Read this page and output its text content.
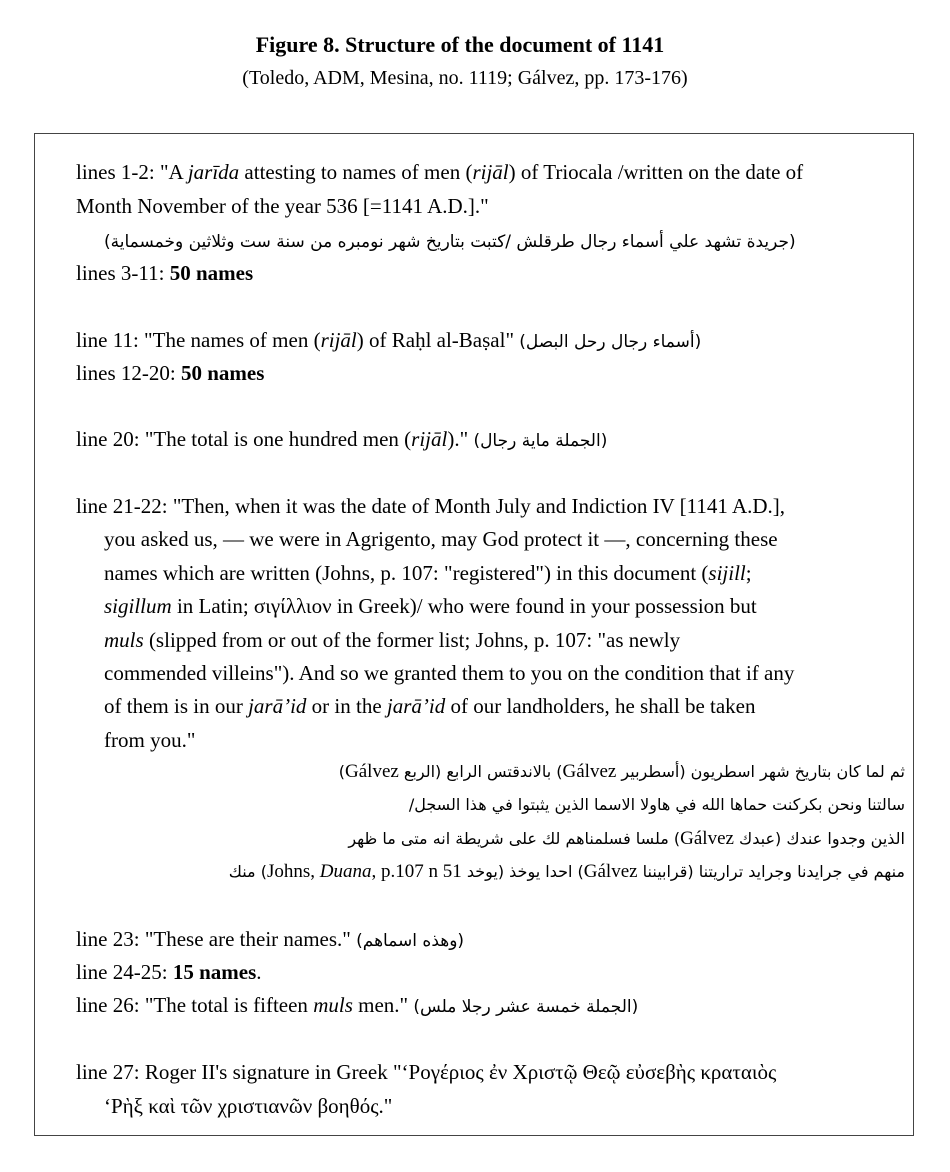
Figure 8. Structure of the document of 1141
(Toledo, ADM, Mesina, no. 1119; Gálvez, pp. 173-176)
lines 1-2: "A jarīda attesting to names of men (rijāl) of Triocala /written on the date of
Month November of the year 536 [=1141 A.D.]."
(جريدة تشهد علي أسماء رجال طرقلش /كتبت بتاريخ شهر نومبره من سنة ست وثلاثين وخمسماية)
lines 3-11: 50 names
line 11: "The names of men (rijāl) of Raḥl al-Baṣal" (أسماء رجال رحل البصل)
lines 12-20: 50 names
line 20: "The total is one hundred men (rijāl)." (الجملة ماية رجال)
line 21-22: "Then, when it was the date of Month July and Indiction IV [1141 A.D.],
you asked us, — we were in Agrigento, may God protect it —, concerning these
names which are written (Johns, p. 107: "registered") in this document (sijill;
sigillum in Latin; σιγίλλιον in Greek)/ who were found in your possession but
muls (slipped from or out of the former list; Johns, p. 107: "as newly
commended villeins"). And so we granted them to you on the condition that if any
of them is in our jarā’id or in the jarā’id of our landholders, he shall be taken
from you."
ثم لما كان بتاريخ شهر اسطريون (أسطربير Gálvez) بالاندقتس الرابع (الربع Gálvez)
سالتنا ونحن بكركنت حماها الله في هاولا الاسما الذين يثبتوا في هذا السجل/
الذين وجدوا عندك (عبدك Gálvez) ملسا فسلمناهم لك على شريطة انه متى ما ظهر
منهم في جرايدنا وجرايد تراريتنا (قرابيننا Gálvez) احدا يوخذ (يوخد Johns, Duana, p.107 n 51) منك
line 23: "These are their names." (وهذه اسماهم)
line 24-25: 15 names.
line 26: "The total is fifteen muls men." (الجملة خمسة عشر رجلا ملس)
line 27: Roger II's signature in Greek "‘Ρογέριος ἐν Χριστῷ Θεῷ εὐσεβὴς κραταιὸς
‘Ρὴξ καὶ τῶν χριστιανῶν βοηθός."
